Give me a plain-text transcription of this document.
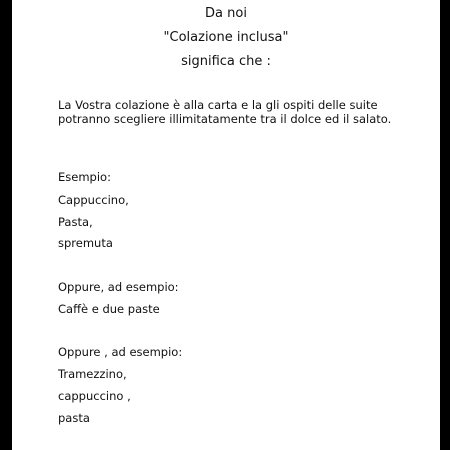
Da noi
"Colazione inclusa"
significa che :
La Vostra colazione è alla carta e la gli ospiti delle suite potranno scegliere illimitatamente tra il dolce ed il salato.
Esempio:
Cappuccino,
Pasta,
spremuta
Oppure, ad esempio:
Caffè e due paste
Oppure , ad esempio:
Tramezzino,
cappuccino ,
pasta
